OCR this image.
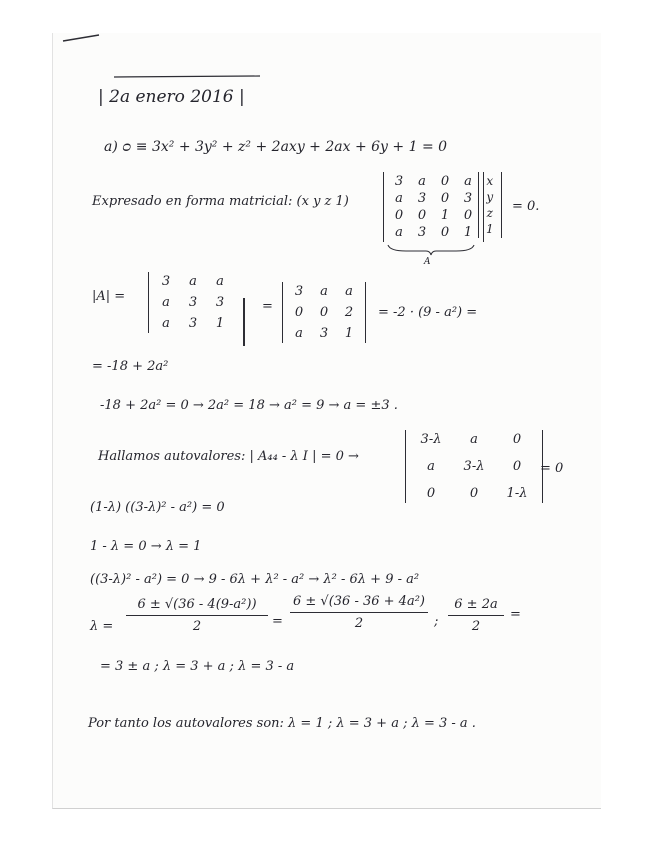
| 2a enero 2016 |
a) ᴑ ≡ 3x² + 3y² + z² + 2axy + 2ax + 6y + 1 = 0
Expresado en forma matricial: (x y z 1)
3 a 0 a
a 3 0 3
0 0 1 0
a 3 0 1
x
y
z
1
= 0.
A
|A| =
3	a	a
a	3	3
a	3	1
=
3	a	a
0 0 2
a	3 1
= -2 · (9 - a²) =
= -18 + 2a²
-18 + 2a² = 0 → 2a² = 18 → a² = 9 → a = ±3 .
Hallamos autovalores: | A₄₄ - λ I | = 0 →
3-λ	a	0
a	3-λ	0
0	0	1-λ
= 0
(1-λ) ((3-λ)² - a²) = 0
1 - λ = 0 → λ = 1
((3-λ)² - a²) = 0 → 9 - 6λ + λ² - a² → λ² - 6λ + 9 - a²
λ =
6 ± √(36 - 4(9-a²))
2	=
6 ± √(36 - 36 + 4a²)
2	;
6 ± 2a
2
=
= 3 ± a ; λ = 3 + a ; λ = 3 - a
Por tanto los autovalores son: λ = 1 ; λ = 3 + a ; λ = 3 - a .
